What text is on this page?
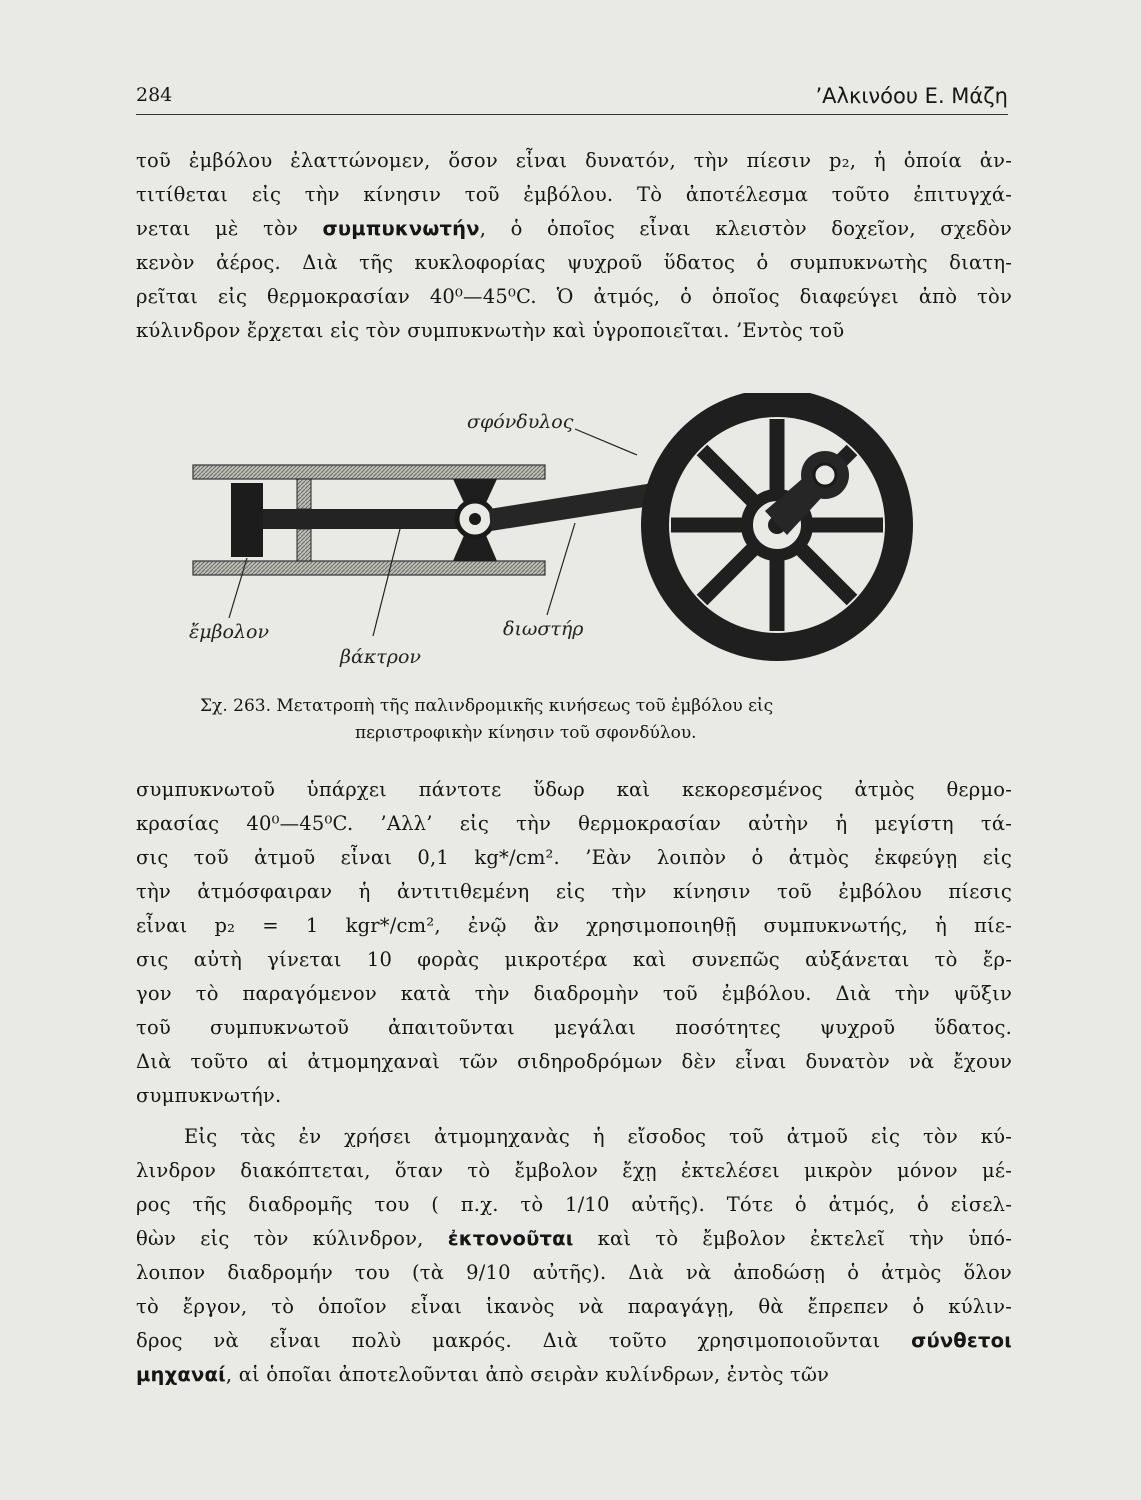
284	’Αλκινόου Ε. Μάζη
τοῦ ἐμβόλου ἐλαττώνομεν, ὅσον εἶναι δυνατόν, τὴν πίεσιν p₂, ἡ ὁποία ἀν-
τιτίθεται εἰς τὴν κίνησιν τοῦ ἐμβόλου. Τὸ ἀποτέλεσμα τοῦτο ἐπιτυγχά-
νεται μὲ τὸν συμπυκνωτήν, ὁ ὁποῖος εἶναι κλειστὸν δοχεῖον, σχεδὸν
κενὸν ἀέρος. Διὰ τῆς κυκλοφορίας ψυχροῦ ὕδατος ὁ συμπυκνωτὴς διατη-
ρεῖται εἰς θερμοκρασίαν 40⁰—45⁰C. Ὁ ἀτμός, ὁ ὁποῖος διαφεύγει ἀπὸ τὸν
κύλινδρον ἔρχεται εἰς τὸν συμπυκνωτὴν καὶ ὑγροποιεῖται. ’Εντὸς τοῦ
σφόνδυλος
ἔμβολον
βάκτρον
διωστήρ
Σχ. 263. Μετατροπὴ τῆς παλινδρομικῆς κινήσεως τοῦ ἐμβόλου εἰς
περιστροφικὴν κίνησιν τοῦ σφονδύλου.
συμπυκνωτοῦ ὑπάρχει πάντοτε ὕδωρ καὶ κεκορεσμένος ἀτμὸς θερμο-
κρασίας 40⁰—45⁰C. ’Αλλ’ εἰς τὴν θερμοκρασίαν αὐτὴν ἡ μεγίστη τά-
σις τοῦ ἀτμοῦ εἶναι 0,1 kg*/cm². ’Εὰν λοιπὸν ὁ ἀτμὸς ἐκφεύγῃ εἰς
τὴν ἀτμόσφαιραν ἡ ἀντιτιθεμένη εἰς τὴν κίνησιν τοῦ ἐμβόλου πίεσις
εἶναι p₂ = 1 kgr*/cm², ἐνῷ ἂν χρησιμοποιηθῇ συμπυκνωτής, ἡ πίε-
σις αὐτὴ γίνεται 10 φορὰς μικροτέρα καὶ συνεπῶς αὐξάνεται τὸ ἔρ-
γον τὸ παραγόμενον κατὰ τὴν διαδρομὴν τοῦ ἐμβόλου. Διὰ τὴν ψῦξιν
τοῦ συμπυκνωτοῦ ἀπαιτοῦνται μεγάλαι ποσότητες ψυχροῦ ὕδατος.
Διὰ τοῦτο αἱ ἀτμομηχαναὶ τῶν σιδηροδρόμων δὲν εἶναι δυνατὸν νὰ ἔχουν
συμπυκνωτήν.
Εἰς τὰς ἐν χρήσει ἀτμομηχανὰς ἡ εἴσοδος τοῦ ἀτμοῦ εἰς τὸν κύ-
λινδρον διακόπτεται, ὅταν τὸ ἔμβολον ἔχῃ ἐκτελέσει μικρὸν μόνον μέ-
ρος τῆς διαδρομῆς του ( π.χ. τὸ 1/10 αὐτῆς). Τότε ὁ ἀτμός, ὁ εἰσελ-
θὼν εἰς τὸν κύλινδρον, ἐκτονοῦται καὶ τὸ ἔμβολον ἐκτελεῖ τὴν ὑπό-
λοιπον διαδρομήν του (τὰ 9/10 αὐτῆς). Διὰ νὰ ἀποδώσῃ ὁ ἀτμὸς ὅλον
τὸ ἔργον, τὸ ὁποῖον εἶναι ἱκανὸς νὰ παραγάγῃ, θὰ ἔπρεπεν ὁ κύλιν-
δρος νὰ εἶναι πολὺ μακρός. Διὰ τοῦτο χρησιμοποιοῦνται σύνθετοι
μηχαναί, αἱ ὁποῖαι ἀποτελοῦνται ἀπὸ σειρὰν κυλίνδρων, ἐντὸς τῶν
